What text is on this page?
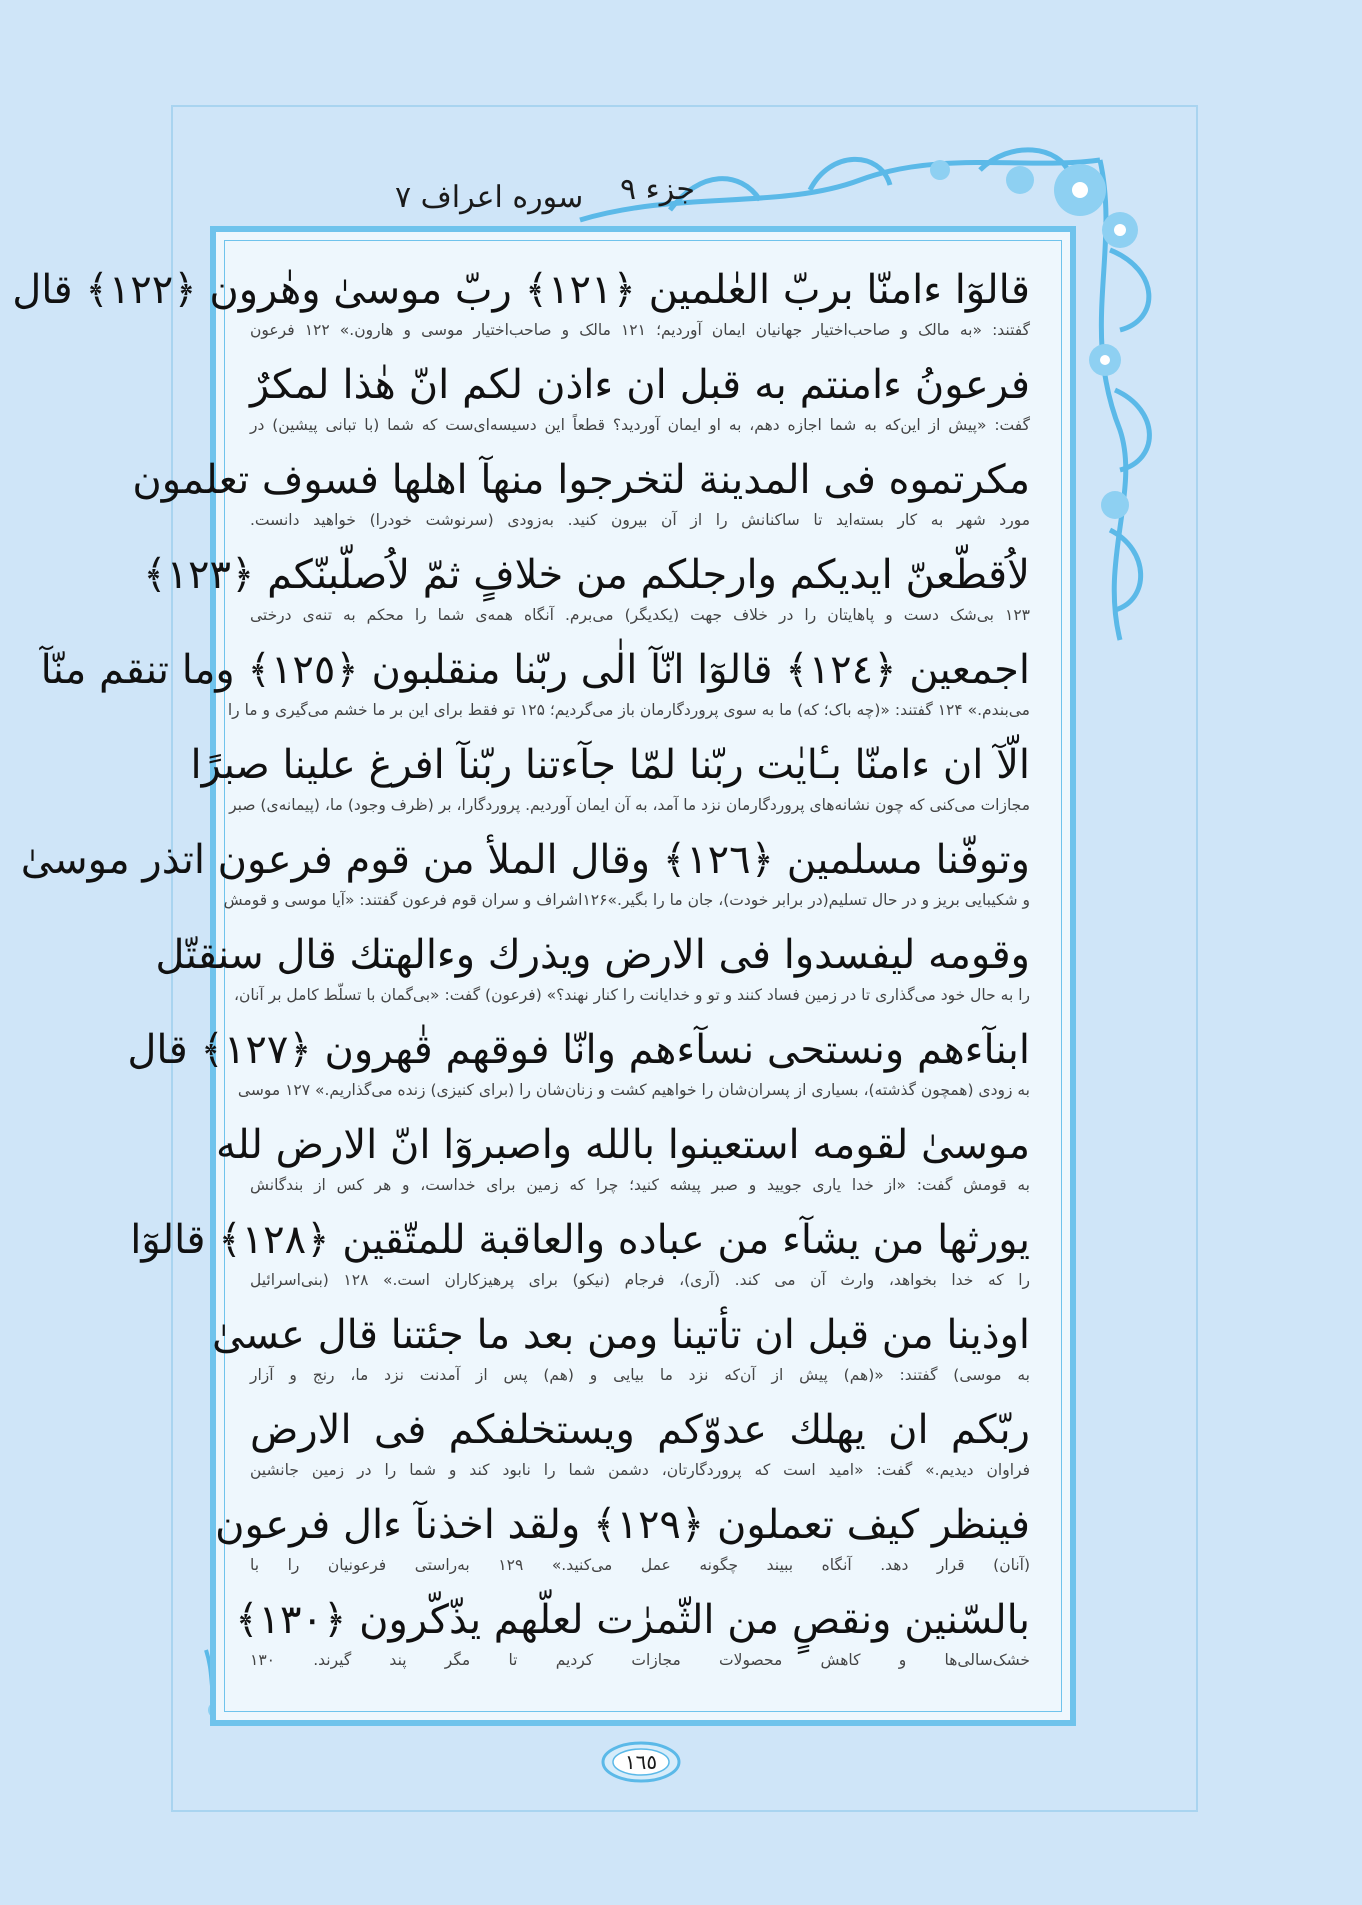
جزء ۹
سوره اعراف ۷
قالوٓا ءامنّا بربّ العٰلمين ﴿١٢١﴾ ربّ موسىٰ وهٰرون ﴿١٢٢﴾ قال
گفتند: «به مالک و صاحب‌اختیار جهانیان ایمان آوردیم؛ ۱۲۱ مالک و صاحب‌اختیار موسی و هارون.» ۱۲۲ فرعون
فرعونُ ءامنتم به قبل ان ءاذن لكم انّ هٰذا لمكرٌ
گفت: «پیش از این‌که به شما اجازه دهم، به او ایمان آوردید؟ قطعاً این دسیسه‌ای‌ست که شما (با تبانی پیشین) در
مكرتموه فى المدينة لتخرجوا منهآ اهلها فسوف تعلمون
مورد شهر به کار بسته‌اید تا ساکنانش را از آن بیرون کنید. به‌زودی (سرنوشت خودرا) خواهید دانست.
لاُقطّعنّ ايديكم وارجلكم من خلافٍ ثمّ لاُصلّبنّكم ﴿١٢٣﴾
۱۲۳ بی‌شک دست و پاهایتان را در خلاف جهت (یکدیگر) می‌برم. آنگاه همه‌ی شما را محکم به تنه‌ی درختی
اجمعين ﴿١٢٤﴾ قالوٓا انّآ الٰى ربّنا منقلبون ﴿١٢٥﴾ وما تنقم منّآ
می‌بندم.» ۱۲۴ گفتند: «(چه باک؛ که) ما به سوی پروردگارمان باز می‌گردیم؛ ۱۲۵ تو فقط برای این بر ما خشم می‌گیری و ما را
الّآ ان ءامنّا بـٔايٰت ربّنا لمّا جآءتنا ربّنآ افرغ علينا صبرًا
مجازات می‌کنی که چون نشانه‌های پروردگارمان نزد ما آمد، به آن ایمان آوردیم. پروردگارا، بر (ظرف وجود) ما، (پیمانه‌ی) صبر
وتوفّنا مسلمين ﴿١٢٦﴾ وقال الملأ من قوم فرعون اتذر موسىٰ
و شکیبایی بریز و در حال تسلیم(در برابر خودت)، جان ما را بگیر.»۱۲۶اشراف و سران قوم فرعون گفتند: «آیا موسی و قومش
وقومه ليفسدوا فى الارض ويذرك وءالهتك قال سنقتّل
را به حال خود می‌گذاری تا در زمین فساد کنند و تو و خدایانت را کنار نهند؟» (فرعون) گفت: «بی‌گمان با تسلّط کامل بر آنان،
ابنآءهم ونستحى نسآءهم وانّا فوقهم قٰهرون ﴿١٢٧﴾ قال
به زودی (همچون گذشته)، بسیاری از پسران‌شان را خواهیم کشت و زنان‌شان را (برای کنیزی) زنده می‌گذاریم.» ۱۲۷ موسی
موسىٰ لقومه استعينوا بالله واصبروٓا انّ الارض لله
به قومش گفت: «از خدا یاری جویید و صبر پیشه کنید؛ چرا که زمین برای خداست، و هر کس از بندگانش
يورثها من يشآء من عباده والعاقبة للمتّقين ﴿١٢٨﴾ قالوٓا
را که خدا بخواهد، وارث آن می کند. (آری)، فرجام (نیکو) برای پرهیزکاران است.» ۱۲۸ (بنی‌اسرائیل
اوذينا من قبل ان تأتينا ومن بعد ما جئتنا قال عسىٰ
به موسی) گفتند: «(هم) پیش از آن‌که نزد ما بیایی و (هم) پس از آمدنت نزد ما، رنج و آزار
ربّكم ان يهلك عدوّكم ويستخلفكم فى الارض
فراوان دیدیم.» گفت: «امید است که پروردگارتان، دشمن شما را نابود کند و شما را در زمین جانشین
فينظر كيف تعملون ﴿١٢٩﴾ ولقد اخذنآ ءال فرعون
(آنان) قرار دهد. آنگاه ببیند چگونه عمل می‌کنید.» ۱۲۹ به‌راستی فرعونیان را با
بالسّنين ونقصٍ من الثّمرٰت لعلّهم يذّكّرون ﴿١٣٠﴾
خشک‌سالی‌ها و کاهش محصولات مجازات کردیم تا مگر پند گیرند. ۱۳۰
١٦٥
